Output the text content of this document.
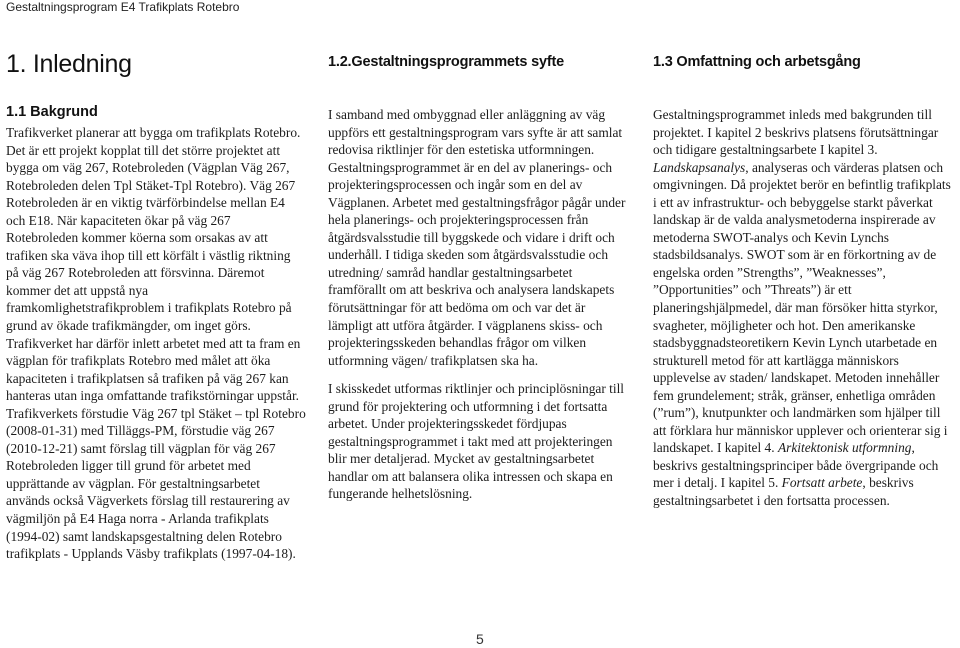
Gestaltningsprogram E4 Trafikplats Rotebro
1. Inledning
1.1 Bakgrund

Trafikverket planerar att bygga om trafikplats Rotebro. Det är ett projekt kopplat till det större projektet att bygga om väg 267, Rotebroleden (Vägplan Väg 267, Rotebroleden delen Tpl Stäket-Tpl Rotebro). Väg 267 Rotebroleden är en viktig tvärförbindelse mellan E4 och E18. När kapaciteten ökar på väg 267 Rotebroleden kommer köerna som orsakas av att trafiken ska väva ihop till ett körfält i västlig riktning på väg 267 Rotebroleden att försvinna. Däremot kommer det att uppstå nya framkomlighetstrafikproblem i trafikplats Rotebro på grund av ökade trafikmängder, om inget görs. Trafikverket har därför inlett arbetet med att ta fram en vägplan för trafikplats Rotebro med målet att öka kapaciteten i trafikplatsen så trafiken på väg 267 kan hanteras utan inga omfattande trafikstörningar uppstår. Trafikverkets förstudie Väg 267 tpl Stäket – tpl Rotebro (2008-01-31) med Tilläggs-PM, förstudie väg 267 (2010-12-21) samt förslag till vägplan för väg 267 Rotebroleden ligger till grund för arbetet med upprättande av vägplan. För gestaltningsarbetet används också Vägverkets förslag till restaurering av vägmiljön på E4 Haga norra - Arlanda trafikplats (1994-02) samt landskapsgestaltning delen Rotebro trafikplats - Upplands Väsby trafikplats (1997-04-18).

1.2.Gestaltningsprogrammets syfte

I samband med ombyggnad eller anläggning av väg uppförs ett gestaltningsprogram vars syfte är att samlat redovisa riktlinjer för den estetiska utformningen. Gestaltningsprogrammet är en del av planerings- och projekteringsprocessen och ingår som en del av Vägplanen. Arbetet med gestaltningsfrågor pågår under hela planerings- och projekteringsprocessen från åtgärdsvalsstudie till byggskede och vidare i drift och underhåll. I tidiga skeden som åtgärdsvalsstudie och utredning/ samråd handlar gestaltningsarbetet framförallt om att beskriva och analysera landskapets förutsättningar för att bedöma om och var det är lämpligt att utföra åtgärder. I vägplanens skiss- och projekteringsskeden behandlas frågor om vilken utformning vägen/ trafikplatsen ska ha.

I skisskedet utformas riktlinjer och principlösningar till grund för projektering och utformning i det fortsatta arbetet. Under projekteringsskedet fördjupas gestaltningsprogrammet i takt med att projekteringen blir mer detaljerad. Mycket av gestaltningsarbetet handlar om att balansera olika intressen och skapa en fungerande helhetslösning.

1.3 Omfattning och arbetsgång

Gestaltningsprogrammet inleds med bakgrunden till projektet. I kapitel 2 beskrivs platsens förutsättningar och tidigare gestaltningsarbete I kapitel 3. Landskapsanalys, analyseras och värderas platsen och omgivningen. Då projektet berör en befintlig trafikplats i ett av infrastruktur- och bebyggelse starkt påverkat landskap är de valda analysmetoderna inspirerade av metoderna SWOT-analys och Kevin Lynchs stadsbildsanalys. SWOT som är en förkortning av de engelska orden ”Strengths”, ”Weaknesses”, ”Opportunities” och ”Threats”) är ett planeringshjälpmedel, där man försöker hitta styrkor, svagheter, möjligheter och hot. Den amerikanske stadsbyggnadsteoretikern Kevin Lynch utarbetade en strukturell metod för att kartlägga människors upplevelse av staden/ landskapet. Metoden innehåller fem grundelement; stråk, gränser, enhetliga områden (”rum”), knutpunkter och landmärken som hjälper till att förklara hur människor upplever och orienterar sig i landskapet. I kapitel 4. Arkitektonisk utformning, beskrivs gestaltningsprinciper både övergripande och mer i detalj. I kapitel 5. Fortsatt arbete, beskrivs gestaltningsarbetet i den fortsatta processen.

5
